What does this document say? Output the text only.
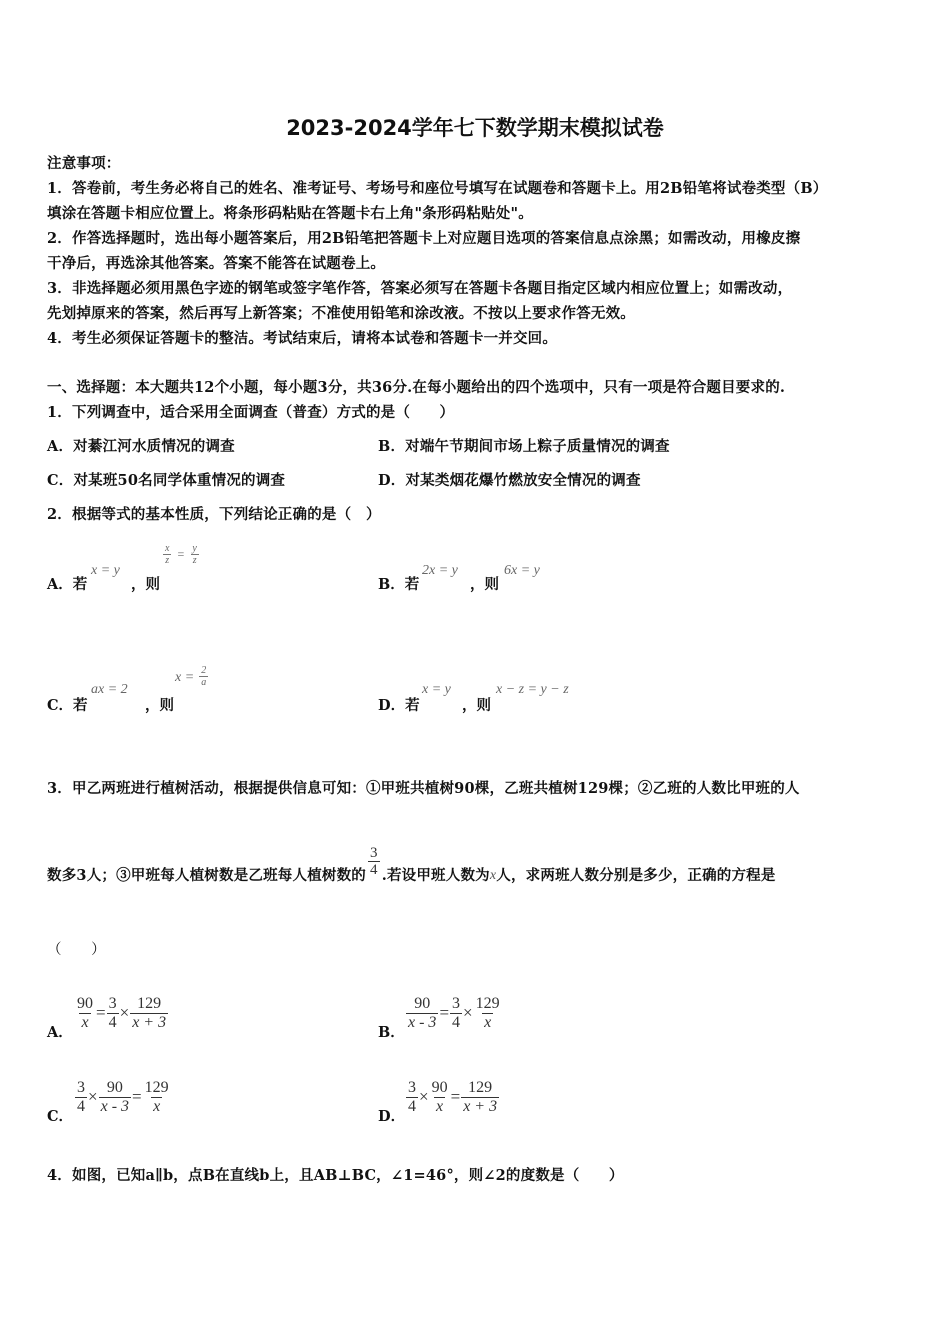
2023-2024学年七下数学期末模拟试卷
注意事项：
1．答卷前，考生务必将自己的姓名、准考证号、考场号和座位号填写在试题卷和答题卡上。用2B铅笔将试卷类型（B）
填涂在答题卡相应位置上。将条形码粘贴在答题卡右上角"条形码粘贴处"。
2．作答选择题时，选出每小题答案后，用2B铅笔把答题卡上对应题目选项的答案信息点涂黑；如需改动，用橡皮擦
干净后，再选涂其他答案。答案不能答在试题卷上。
3．非选择题必须用黑色字迹的钢笔或签字笔作答，答案必须写在答题卡各题目指定区域内相应位置上；如需改动，
先划掉原来的答案，然后再写上新答案；不准使用铅笔和涂改液。不按以上要求作答无效。
4．考生必须保证答题卡的整洁。考试结束后，请将本试卷和答题卡一并交回。
一、选择题：本大题共12个小题，每小题3分，共36分.在每小题给出的四个选项中，只有一项是符合题目要求的.
1．下列调查中，适合采用全面调查（普查）方式的是（　　）
A．对綦江河水质情况的调查	B．对端午节期间市场上粽子质量情况的调查
C．对某班50名同学体重情况的调查	D．对某类烟花爆竹燃放安全情况的调查
2．根据等式的基本性质，下列结论正确的是（　）
A．若
x = y
，则
$\frac{x}{z} = \frac{y}{z}$
B．若
2x = y
，则
6x = y
C．若
ax = 2
，则
$x = \frac{2}{a}$
D．若
x = y
，则
x − z = y − z
3．甲乙两班进行植树活动，根据提供信息可知：①甲班共植树90棵，乙班共植树129棵；②乙班的人数比甲班的人
数多3人；③甲班每人植树数是乙班每人植树数的 $\frac{3}{4}$ .若设甲班人数为 x 人，求两班人数分别是多少，正确的方程是
（　　）
A．
$\frac{90}{x} = \frac{3}{4} \times \frac{129}{x + 3}$
B．
$\frac{90}{x - 3} = \frac{3}{4} \times \frac{129}{x}$
C．
$\frac{3}{4} \times \frac{90}{x - 3} = \frac{129}{x}$
D．
$\frac{3}{4} \times \frac{90}{x} = \frac{129}{x + 3}$
4．如图，已知a∥b，点B在直线b上，且AB⊥BC，∠1=46°，则∠2的度数是（　　）
